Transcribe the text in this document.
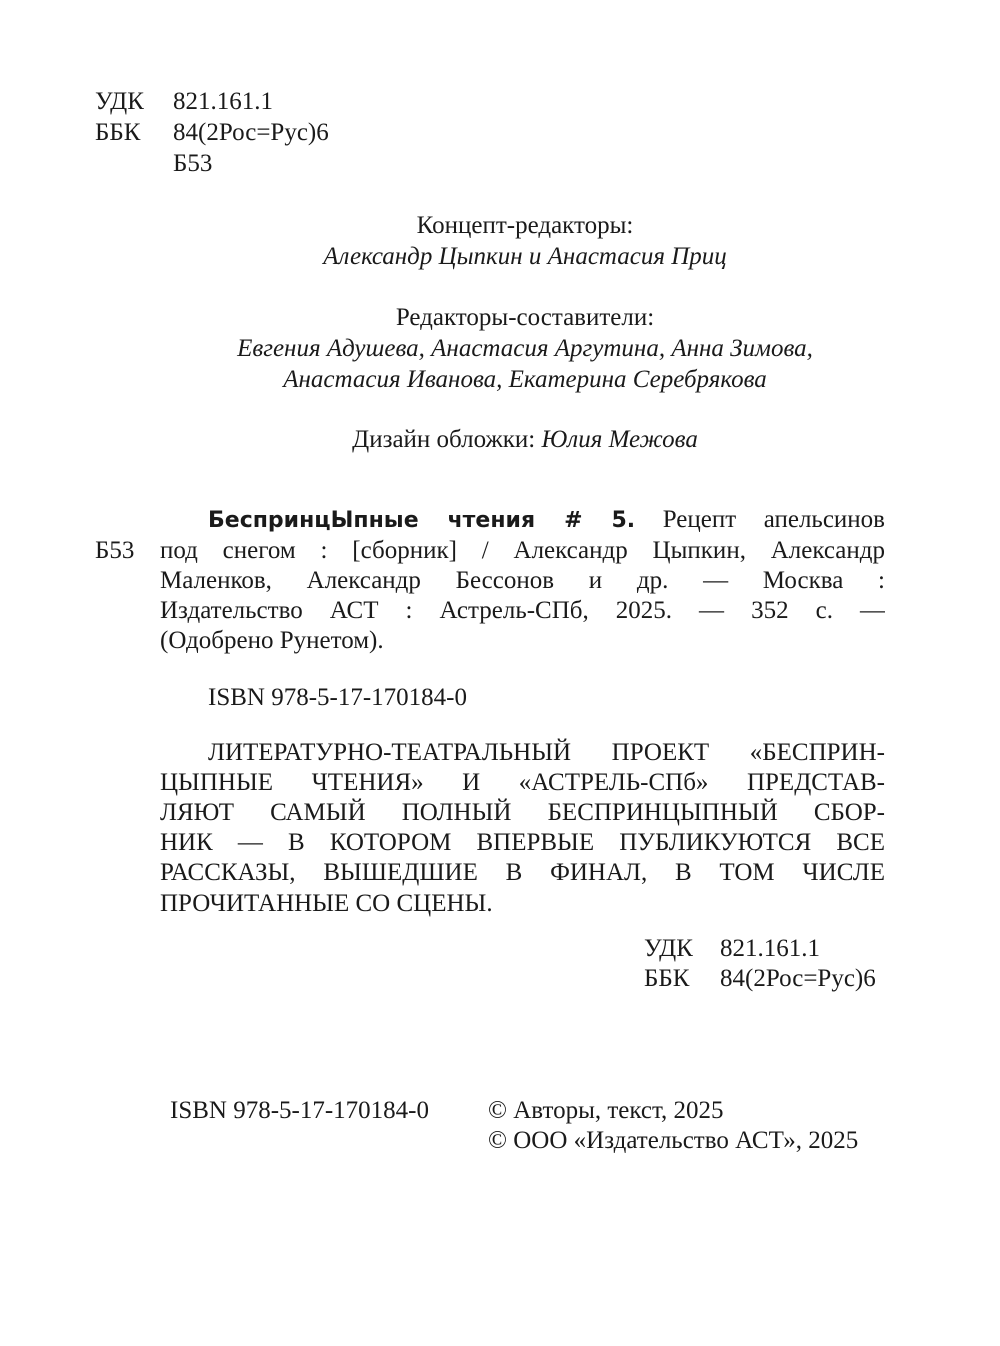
УДК 821.161.1
ББК 84(2Рос=Рус)6
Б53
Концепт-редакторы:
Александр Цыпкин и Анастасия Приц
Редакторы-составители:
Евгения Адушева, Анастасия Аргутина, Анна Зимова,
Анастасия Иванова, Екатерина Серебрякова
Дизайн обложки: Юлия Межова
БеспринцЫпные чтения # 5. Рецепт апельсинов
Б53 под снегом : [сборник] / Александр Цыпкин, Александр
Маленков, Александр Бессонов и др. — Москва :
Издательство АСТ : Астрель-СПб, 2025. — 352 с. —
(Одобрено Рунетом).
ISBN 978-5-17-170184-0
ЛИТЕРАТУРНО-ТЕАТРАЛЬНЫЙ ПРОЕКТ «БЕСПРИН-
ЦЫПНЫЕ ЧТЕНИЯ» И «АСТРЕЛЬ-СПб» ПРЕДСТАВ-
ЛЯЮТ САМЫЙ ПОЛНЫЙ БЕСПРИНЦЫПНЫЙ СБОР-
НИК — В КОТОРОМ ВПЕРВЫЕ ПУБЛИКУЮТСЯ ВСЕ
РАССКАЗЫ, ВЫШЕДШИЕ В ФИНАЛ, В ТОМ ЧИСЛЕ
ПРОЧИТАННЫЕ СО СЦЕНЫ.
УДК 821.161.1
ББК 84(2Рос=Рус)6
ISBN 978-5-17-170184-0 © Авторы, текст, 2025
© ООО «Издательство АСТ», 2025
